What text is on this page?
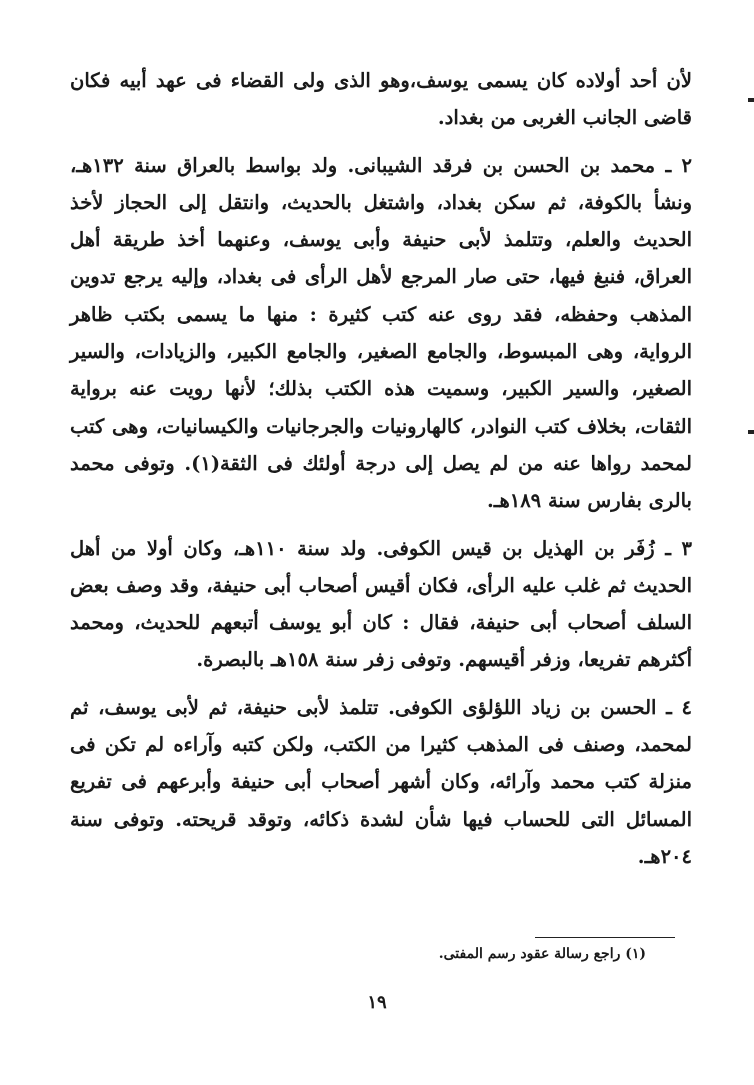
لأن أحد أولاده كان يسمى يوسف،وهو الذى ولى القضاء فى عهد أبيه فكان قاضى الجانب الغربى من بغداد.

٢ ـ محمد بن الحسن بن فرقد الشيبانى. ولد بواسط بالعراق سنة ١٣٢هـ، ونشأ بالكوفة، ثم سكن بغداد، واشتغل بالحديث، وانتقل إلى الحجاز لأخذ الحديث والعلم، وتتلمذ لأبى حنيفة وأبى يوسف، وعنهما أخذ طريقة أهل العراق، فنبغ فيها، حتى صار المرجع لأهل الرأى فى بغداد، وإليه يرجع تدوين المذهب وحفظه، فقد روى عنه كتب كثيرة : منها ما يسمى بكتب ظاهر الرواية، وهى المبسوط، والجامع الصغير، والجامع الكبير، والزيادات، والسير الصغير، والسير الكبير، وسميت هذه الكتب بذلك؛ لأنها رويت عنه برواية الثقات، بخلاف كتب النوادر، كالهارونيات والجرجانيات والكيسانيات، وهى كتب لمحمد رواها عنه من لم يصل إلى درجة أولئك فى الثقة(١). وتوفى محمد بالرى بفارس سنة ١٨٩هـ.

٣ ـ زُفَر بن الهذيل بن قيس الكوفى. ولد سنة ١١٠هـ، وكان أولا من أهل الحديث ثم غلب عليه الرأى، فكان أقيس أصحاب أبى حنيفة، وقد وصف بعض السلف أصحاب أبى حنيفة، فقال : كان أبو يوسف أتبعهم للحديث، ومحمد أكثرهم تفريعا، وزفر أقيسهم. وتوفى زفر سنة ١٥٨هـ بالبصرة.

٤ ـ الحسن بن زياد اللؤلؤى الكوفى. تتلمذ لأبى حنيفة، ثم لأبى يوسف، ثم لمحمد، وصنف فى المذهب كثيرا من الكتب، ولكن كتبه وآراءه لم تكن فى منزلة كتب محمد وآرائه، وكان أشهر أصحاب أبى حنيفة وأبرعهم فى تفريع المسائل التى للحساب فيها شأن لشدة ذكائه، وتوقد قريحته. وتوفى سنة ٢٠٤هـ.

(١) راجع رسالة عقود رسم المفتى.
١٩
